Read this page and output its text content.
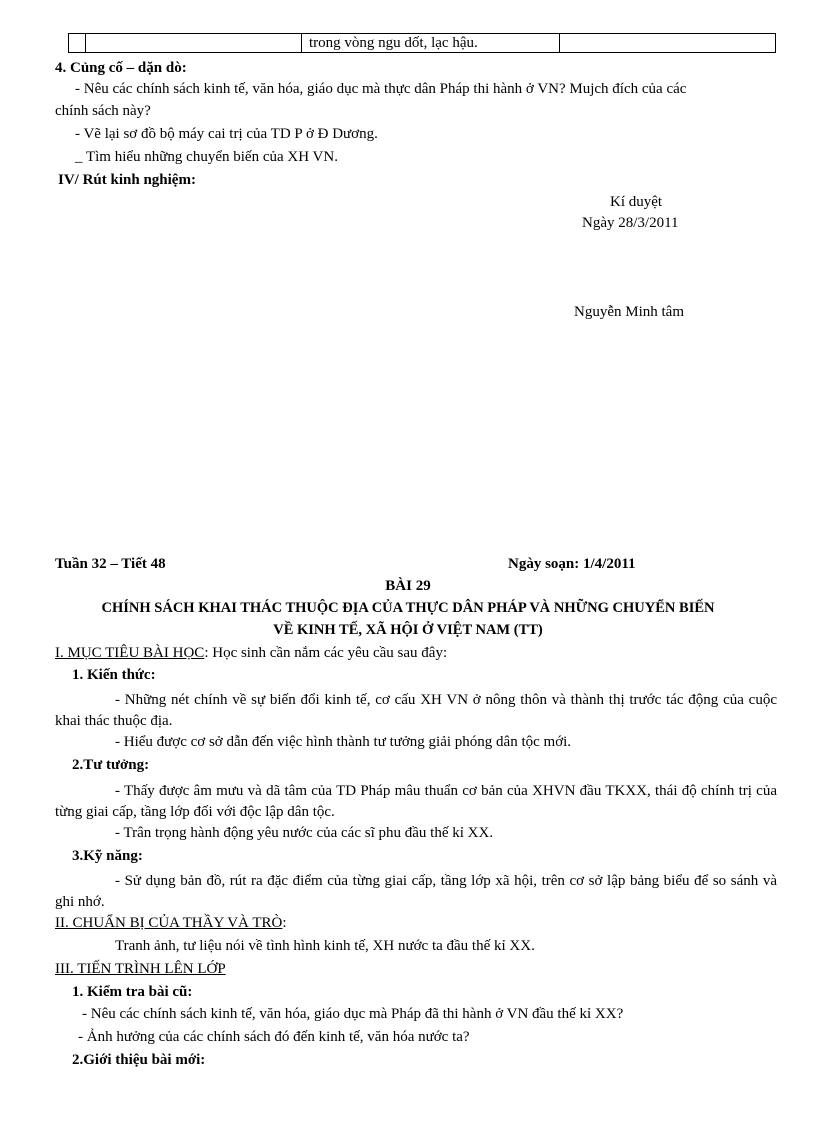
trong vòng ngu dốt, lạc hậu.
4. Củng cố – dặn dò:
- Nêu các chính sách kinh tế, văn hóa, giáo dục mà thực dân Pháp thi hành ở VN? Mujch đích của các
chính sách này?
- Vẽ lại sơ đồ bộ máy cai trị của TD P ở Đ Dương.
_ Tìm hiểu những chuyển biến của XH VN.
IV/ Rút kinh nghiệm:
Kí duyệt
Ngày 28/3/2011
Nguyễn Minh tâm
Tuần 32 – Tiết 48	Ngày soạn: 1/4/2011
BÀI 29
CHÍNH SÁCH KHAI THÁC THUỘC ĐỊA CỦA THỰC DÂN PHÁP VÀ NHỮNG CHUYỂN BIẾN
VỀ KINH TẾ, XÃ HỘI Ở VIỆT NAM (TT)
I. MỤC TIÊU BÀI HỌC: Học sinh cần nắm các yêu cầu sau đây:
1. Kiến thức:
- Những nét chính về sự biến đổi kinh tế, cơ cấu XH VN ở nông thôn và thành thị trước tác động của cuộc khai thác thuộc địa.
- Hiểu được cơ sở dẫn đến việc hình thành tư tưởng giải phóng dân tộc mới.
2.Tư tưởng:
- Thấy được âm mưu và dã tâm của TD Pháp mâu thuẩn cơ bản của XHVN đầu TKXX, thái độ chính trị của từng giai cấp, tầng lớp đối với độc lập dân tộc.
- Trân trọng hành động yêu nước của các sĩ phu đầu thế kỉ XX.
3.Kỹ năng:
- Sử dụng bản đồ, rút ra đặc điểm của từng giai cấp, tầng lớp xã hội, trên cơ sở lập bảng biểu để so sánh và ghi nhớ.
II. CHUẨN BỊ CỦA THẦY VÀ TRÒ:
Tranh ảnh, tư liệu nói về tình hình kinh tế, XH nước ta đầu thế kỉ XX.
III. TIẾN TRÌNH LÊN LỚP
1. Kiểm tra bài cũ:
- Nêu các chính sách kinh tế, văn hóa, giáo dục mà Pháp đã thi hành ở VN đầu thế kỉ XX?
- Ảnh hưởng của các chính sách đó đến kinh tế, văn hóa nước ta?
2.Giới thiệu bài mới:
